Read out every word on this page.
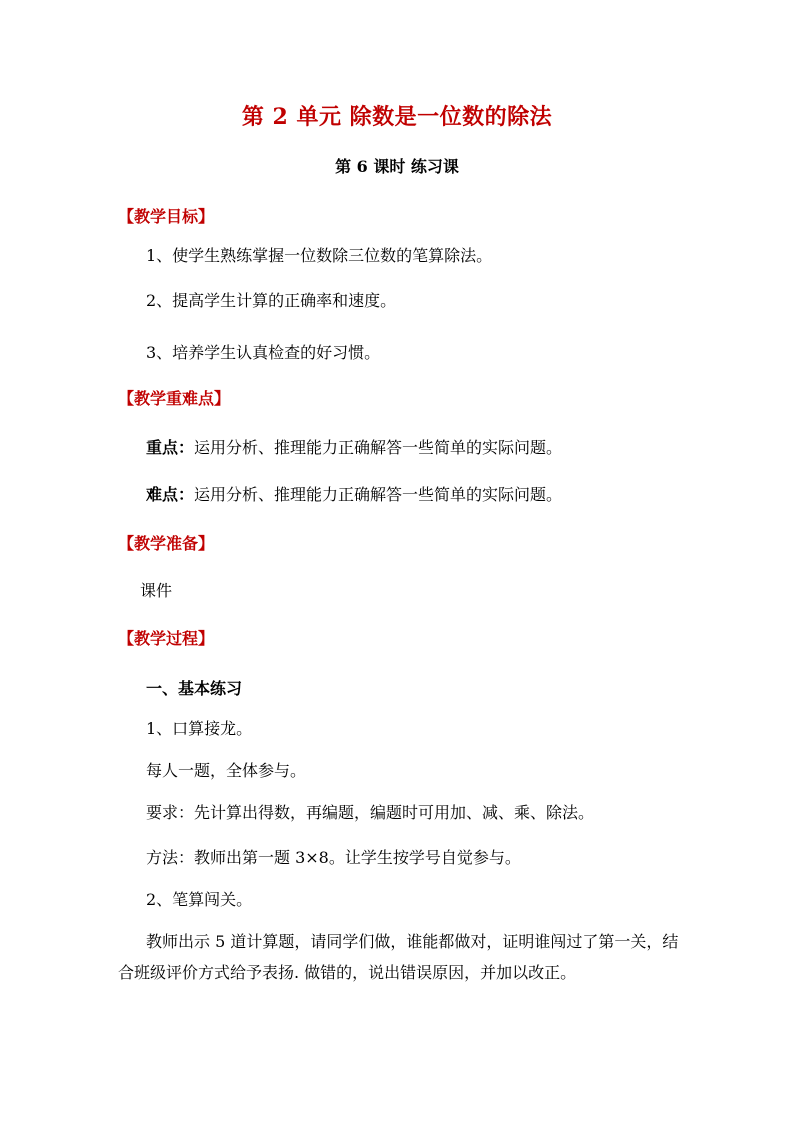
第 2 单元 除数是一位数的除法
第 6 课时 练习课
【教学目标】
1、使学生熟练掌握一位数除三位数的笔算除法。
2、提高学生计算的正确率和速度。
3、培养学生认真检查的好习惯。
【教学重难点】
重点：运用分析、推理能力正确解答一些简单的实际问题。
难点：运用分析、推理能力正确解答一些简单的实际问题。
【教学准备】
课件
【教学过程】
一、基本练习
1、口算接龙。
每人一题，全体参与。
要求：先计算出得数，再编题，编题时可用加、减、乘、除法。
方法：教师出第一题 3×8。让学生按学号自觉参与。
2、笔算闯关。
教师出示 5 道计算题，请同学们做，谁能都做对，证明谁闯过了第一关，结合班级评价方式给予表扬. 做错的，说出错误原因，并加以改正。
